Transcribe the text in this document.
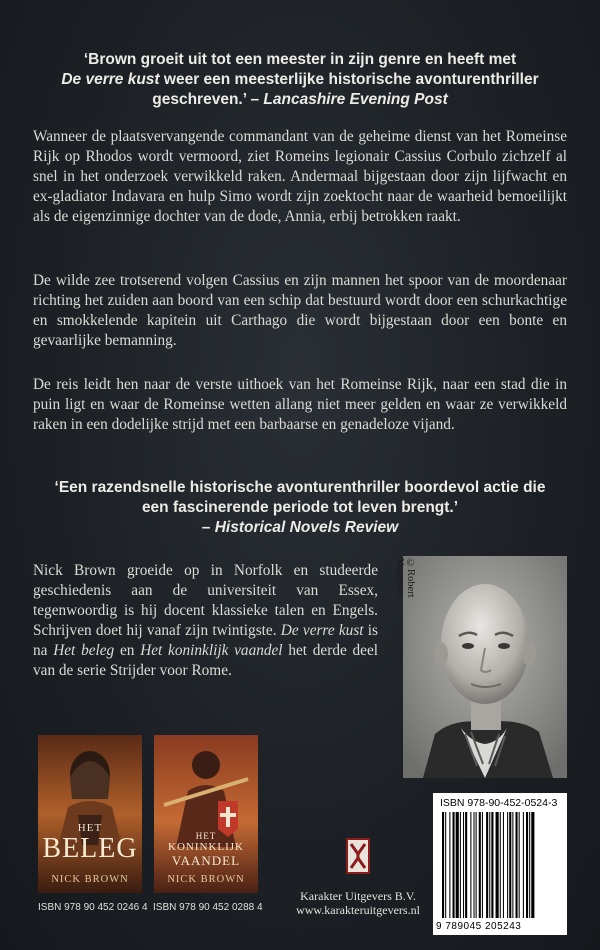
‘Brown groeit uit tot een meester in zijn genre en heeft met
De verre kust weer een meesterlijke historische avonturenthriller
geschreven.’ – Lancashire Evening Post
Wanneer de plaatsvervangende commandant van de geheime dienst van het Romeinse Rijk op Rhodos wordt vermoord, ziet Romeins legionair Cassius Corbulo zichzelf al snel in het onderzoek verwikkeld raken. Andermaal bijgestaan door zijn lijfwacht en ex-gladiator Indavara en hulp Simo wordt zijn zoektocht naar de waarheid bemoeilijkt als de eigenzinnige dochter van de dode, Annia, erbij betrokken raakt.
De wilde zee trotserend volgen Cassius en zijn mannen het spoor van de moordenaar richting het zuiden aan boord van een schip dat bestuurd wordt door een schurkachtige en smokkelende kapitein uit Carthago die wordt bijgestaan door een bonte en gevaarlijke bemanning.
De reis leidt hen naar de verste uithoek van het Romeinse Rijk, naar een stad die in puin ligt en waar de Romeinse wetten allang niet meer gelden en waar ze verwikkeld raken in een dodelijke strijd met een barbaarse en genadeloze vijand.
‘Een razendsnelle historische avonturenthriller boordevol actie die
een fascinerende periode tot leven brengt.’
– Historical Novels Review
Nick Brown groeide op in Norfolk en studeerde geschiedenis aan de universiteit van Essex, tegenwoordig is hij docent klassieke talen en Engels. Schrijven doet hij vanaf zijn twintigste. De verre kust is na Het beleg en Het koninklijk vaandel het derde deel van de serie Strijder voor Rome.
©Robert Yeatman
HET
BELEG
NICK BROWN
ISBN 978 90 452 0246 4
HET
KONINKLIJK
VAANDEL
NICK BROWN
ISBN 978 90 452 0288 4
Karakter Uitgevers B.V.
www.karakteruitgevers.nl
ISBN 978-90-452-0524-3
9 789045 205243
